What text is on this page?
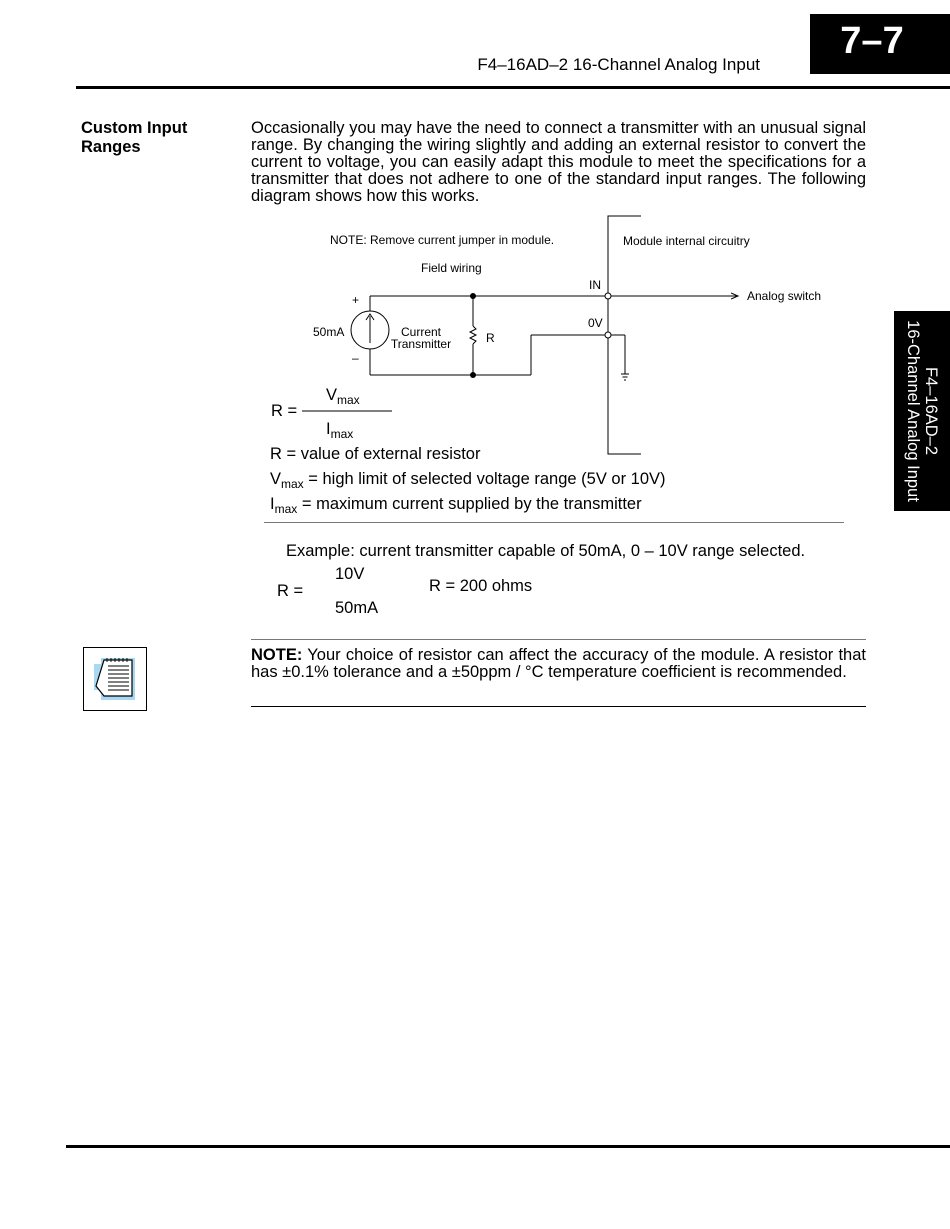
7–7
F4–16AD–2 16-Channel Analog Input
F4–16AD–2
16-Channel Analog Input
Custom Input
Ranges
Occasionally you may have the need to connect a transmitter with an unusual signal range. By changing the wiring slightly and adding an external resistor to convert the current to voltage, you can easily adapt this module to meet the specifications for a transmitter that does not adhere to one of the standard input ranges. The following diagram shows how this works.
NOTE: Remove current jumper in module.	Module internal circuitry
Field wiring
IN
0V
Analog switch
+
–
50mA	Current
Transmitter	R
R =
$V_{max}$
$I_{max}$
R = value of external resistor
$V_{max}$ = high limit of selected voltage range (5V or 10V)
$I_{max}$ = maximum current supplied by the transmitter
Example: current transmitter capable of 50mA, 0 – 10V range selected.
R =
10V
50mA
R = 200 ohms
NOTE: Your choice of resistor can affect the accuracy of the module. A resistor that has ±0.1% tolerance and a ±50ppm / °C temperature coefficient is recommended.
